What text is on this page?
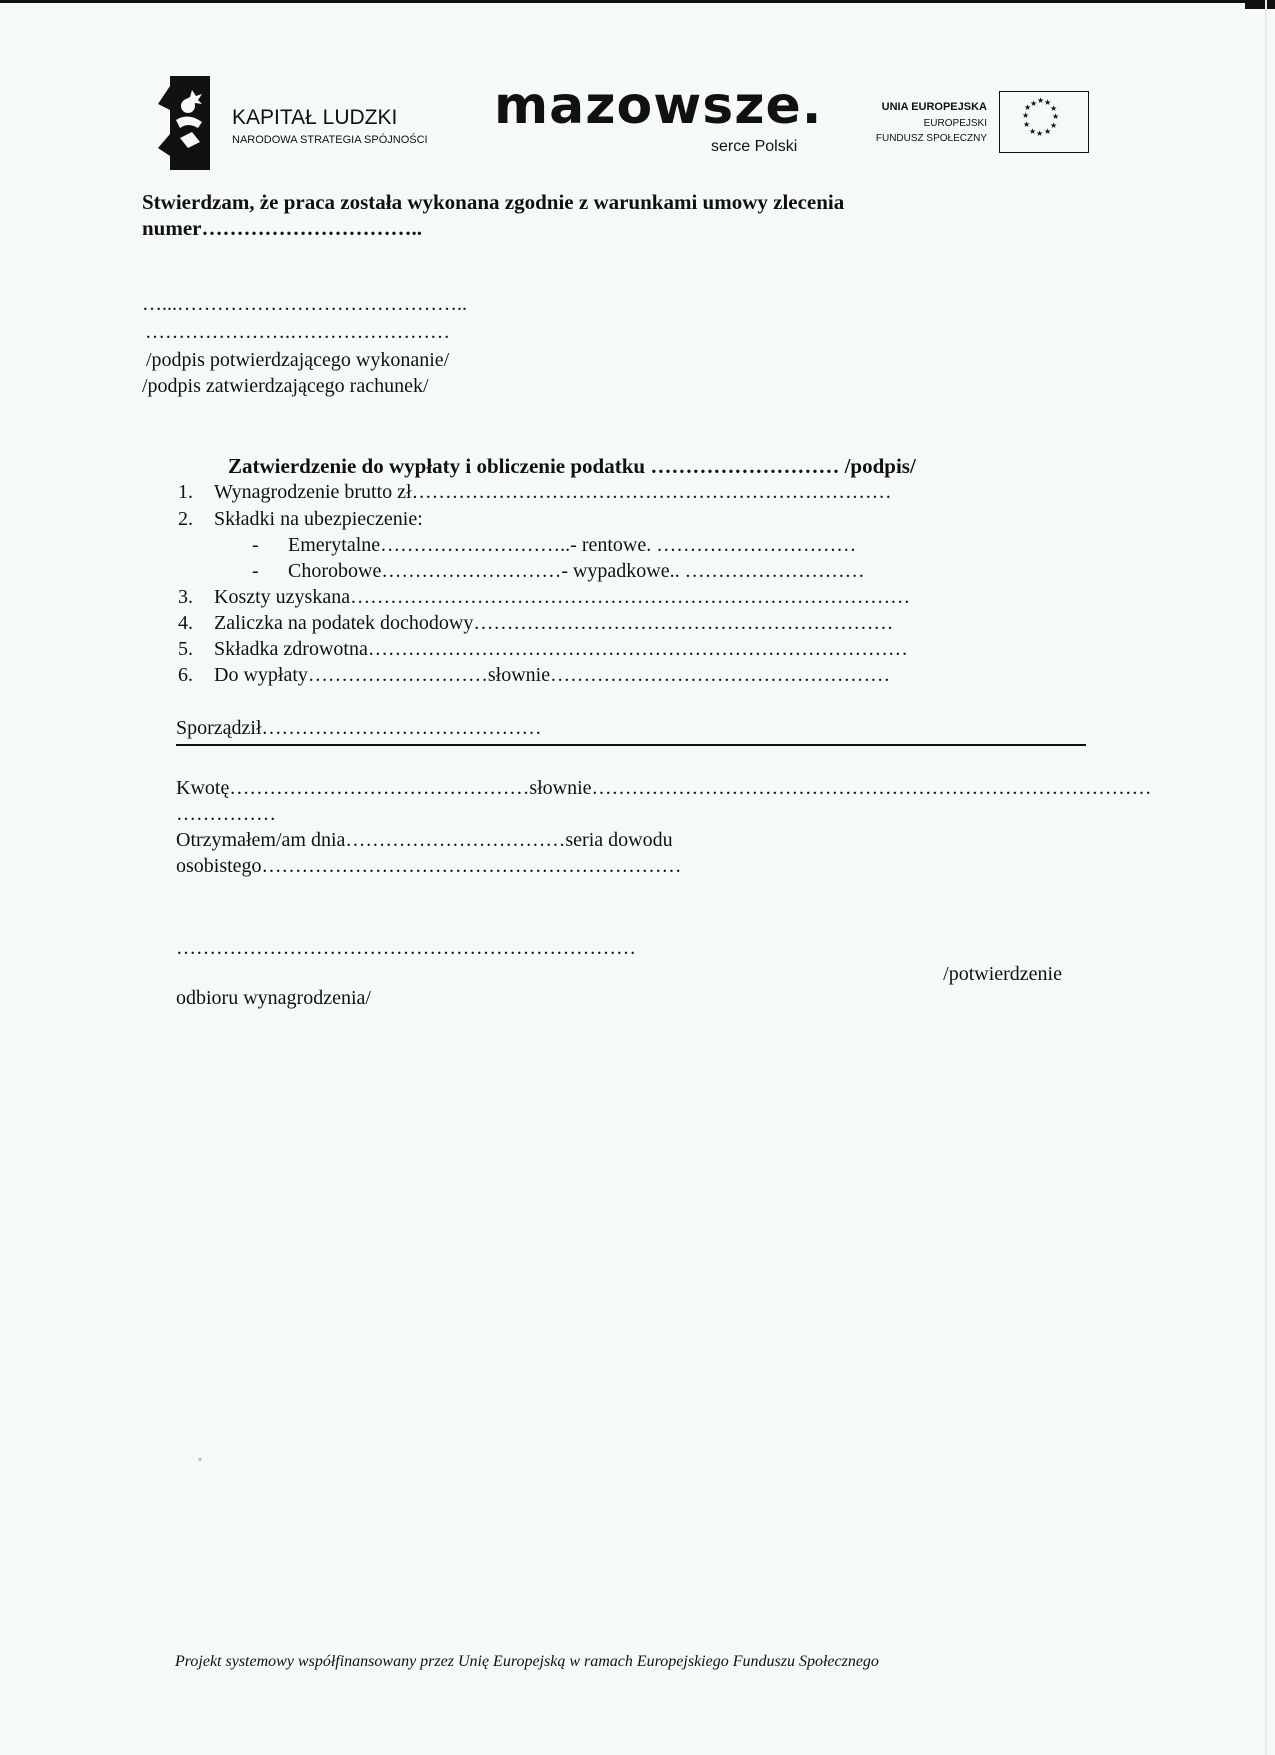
KAPITAŁ LUDZKI
NARODOWA STRATEGIA SPÓJNOŚCI
mazowsze.
serce Polski
UNIA EUROPEJSKA
EUROPEJSKI
FUNDUSZ SPOŁECZNY
★ ★ ★
★
★
★
★
★
★
★
★
★
Stwierdzam, że praca została wykonana zgodnie z warunkami umowy zlecenia
numer…………………………..
…...……………………………………..
………………….……………………
/podpis potwierdzającego wykonanie/
/podpis zatwierdzającego rachunek/
Zatwierdzenie do wypłaty i obliczenie podatku ……………………… /podpis/
1. Wynagrodzenie brutto zł………………………………………………………………
2. Składki na ubezpieczenie:
- Emerytalne………………………..- rentowe. …………………………
- Chorobowe………………………- wypadkowe.. ………………………
3. Koszty uzyskana…………………………………………………………………………
4. Zaliczka na podatek dochodowy………………………………………………………
5. Składka zdrowotna………………………………………………………………………
6. Do wypłaty………………………słownie……………………………………………
Sporządził……………………………………
Kwotę………………………………………słownie…………………………………………………………………………
……………
Otrzymałem/am dnia……………………………seria dowodu
osobistego………………………………………………………
……………………………………………………………
/potwierdzenie
odbioru wynagrodzenia/
◦
Projekt systemowy współfinansowany przez Unię Europejską w ramach Europejskiego Funduszu Społecznego
